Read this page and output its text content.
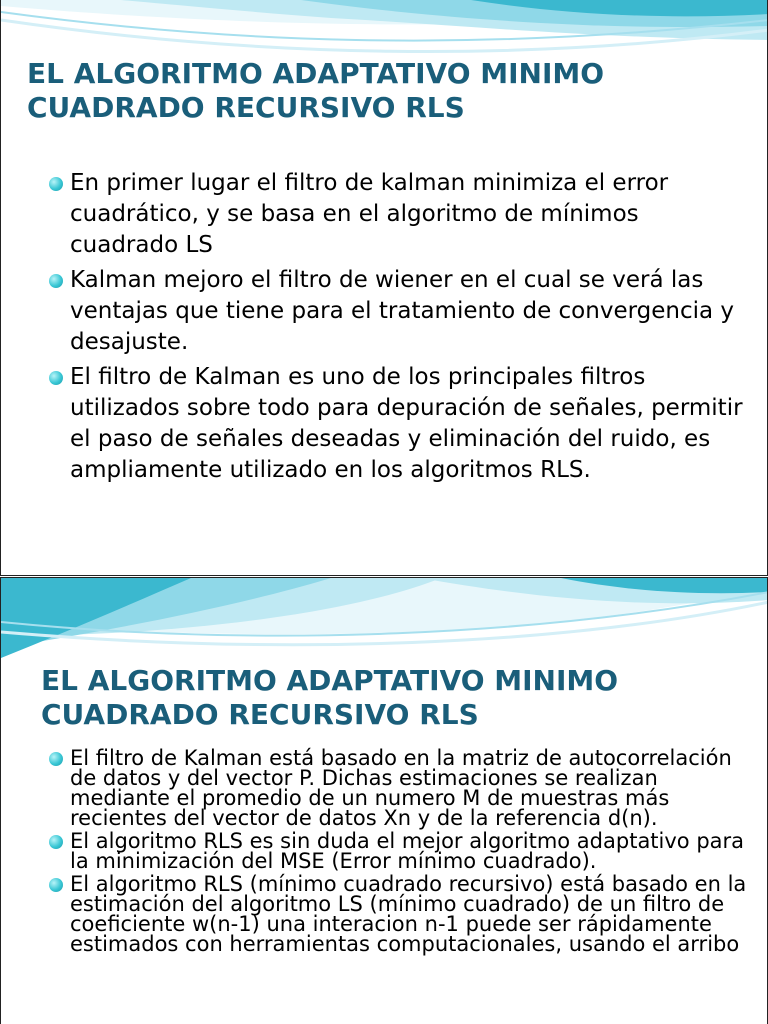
EL ALGORITMO ADAPTATIVO MINIMO CUADRADO RECURSIVO RLS
En primer lugar el filtro de kalman minimiza el error cuadrático, y se basa en el algoritmo de mínimos cuadrado LS
Kalman mejoro el filtro de wiener en el cual se verá las ventajas que tiene para el tratamiento de convergencia y desajuste.
El filtro de Kalman es uno de los principales filtros utilizados sobre todo para depuración de señales, permitir el paso de señales deseadas y eliminación del ruido, es ampliamente utilizado en los algoritmos RLS.
EL ALGORITMO ADAPTATIVO MINIMO CUADRADO RECURSIVO RLS
El filtro de Kalman está basado en la matriz de autocorrelación de datos y del vector P. Dichas estimaciones se realizan mediante el promedio de un numero M de muestras más recientes del vector de datos Xn y de la referencia d(n).
El algoritmo RLS es sin duda el mejor algoritmo adaptativo para la minimización del MSE (Error mínimo cuadrado).
El algoritmo RLS (mínimo cuadrado recursivo) está basado en la estimación del algoritmo LS (mínimo cuadrado) de un filtro de coeficiente w(n-1) una interacion n-1 puede ser rápidamente estimados con herramientas computacionales, usando el arribo
